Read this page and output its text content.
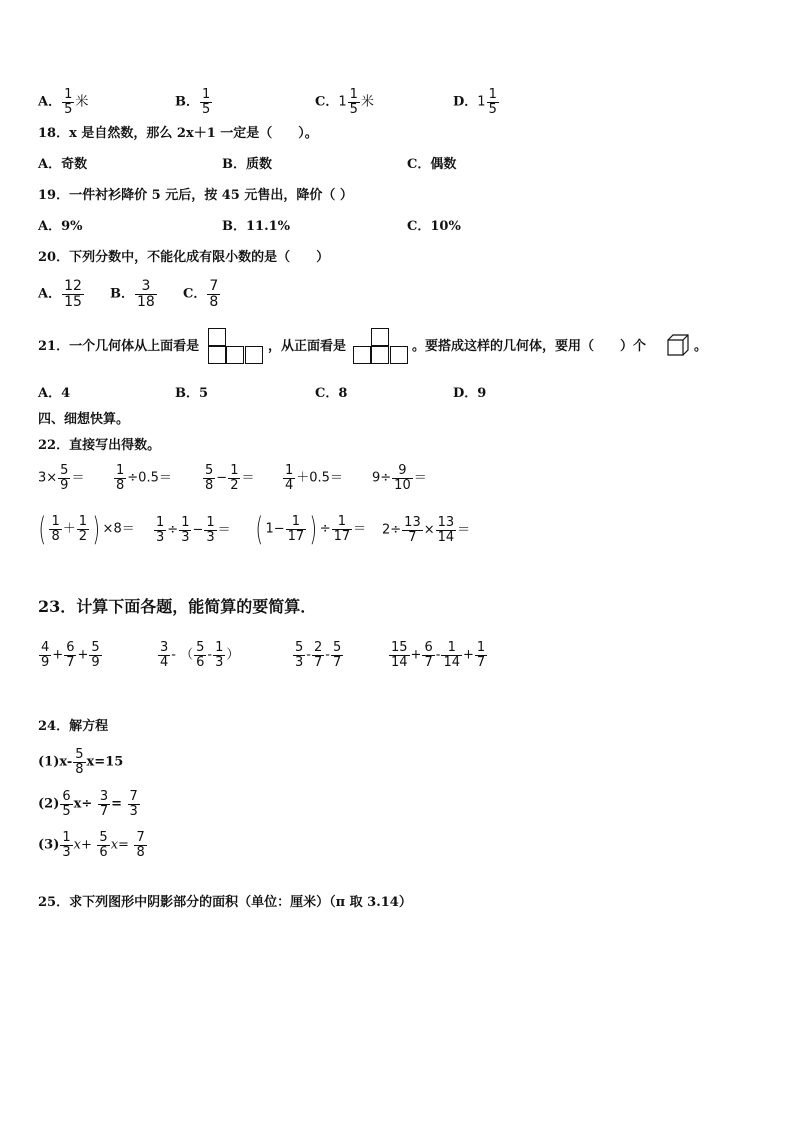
A． $\frac{1}{5}$ 米	B． $\frac{1}{5}$	C．$1 \frac{1}{5}$ 米	D．$1 \frac{1}{5}$
18．x 是自然数，那么 2x＋1 一定是（　　）。
A．奇数	B．质数	C．偶数
19．一件衬衫降价 5 元后，按 45 元售出，降价（ ）
A．9%	B．11.1%	C．10%
20．下列分数中，不能化成有限小数的是（　　）
A． $\frac{12}{15}$ B． $\frac{3}{18}$ C． $\frac{7}{8}$
21．一个几何体从上面看是	，从正面看是	。要搭成这样的几何体，要用（　　）个	。
A．4	B．5	C．8	D．9
四、细想快算。
22．直接写出得数。
$3\times \frac{5}{9} = \frac{1}{8} \div 0.5= \frac{5}{8} - \frac{1}{2} = \frac{1}{4} +0.5= 9\div \frac{9}{10}$ ＝
( $\frac{1}{8} + \frac{1}{2}$ ) $\times 8= \frac{1}{3} \div \frac{1}{3} - \frac{1}{3}$ ＝ ( $1- \frac{1}{17}$ ) ÷ $\frac{1}{17} = 2\div \frac{13}{7} \times \frac{13}{14}$ ＝
23．计算下面各题，能简算的要简算．
$\frac{4}{9} + \frac{6}{7} + \frac{5}{9}$	$\frac{3}{4}$ - （ $\frac{5}{6} - \frac{1}{3}$ ）	$\frac{5}{3} - \frac{2}{7} - \frac{5}{7}$	$\frac{15}{14} + \frac{6}{7} - \frac{1}{14} + \frac{1}{7}$
24．解方程
$(1)x- \frac{5}{8} x=15$
$(2) \frac{6}{5} x\div \frac{3}{7} = \frac{7}{3}$
$(3) \frac{1}{3} x+ \frac{5}{6} x= \frac{7}{8}$
25．求下列图形中阴影部分的面积（单位：厘米）（π 取 3.14）
